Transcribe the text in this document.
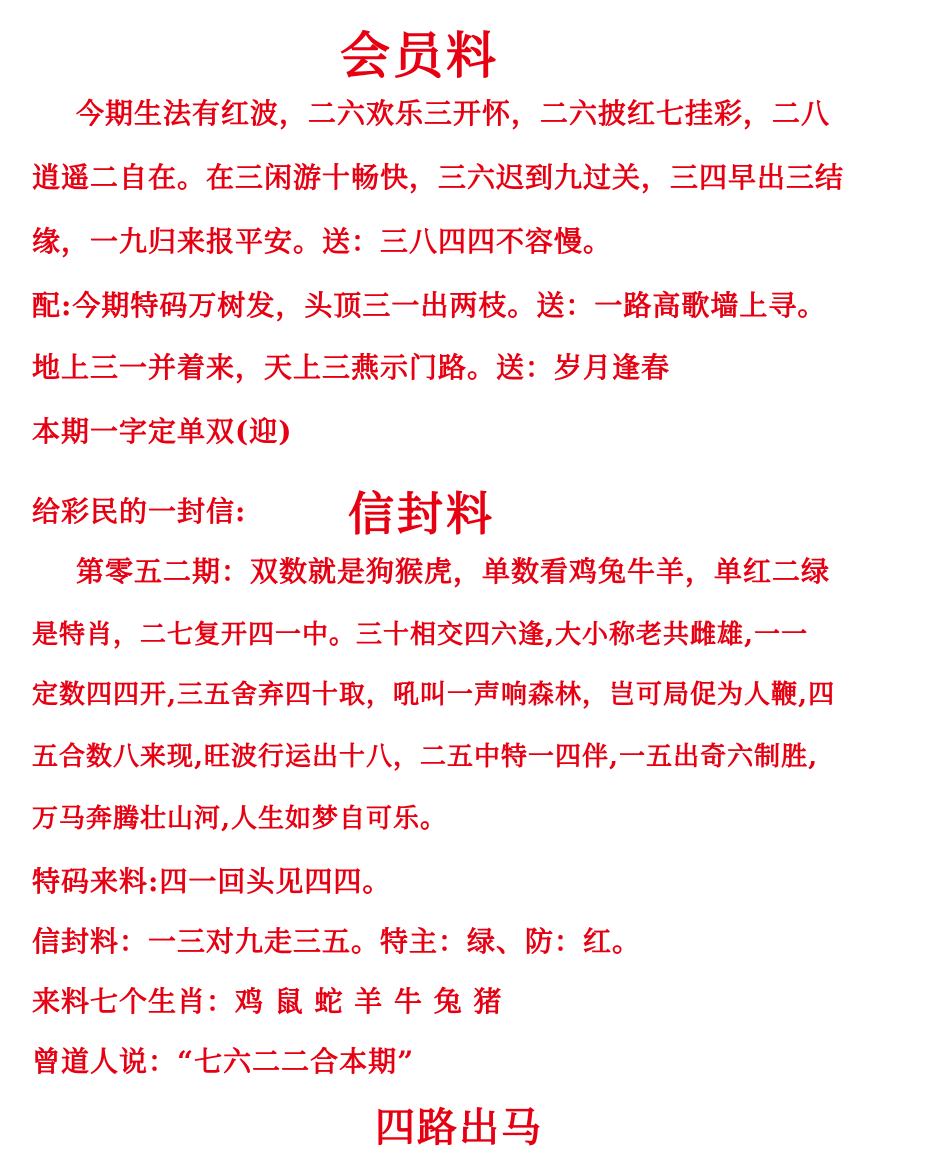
会员料
今期生法有红波，二六欢乐三开怀，二六披红七挂彩，二八
逍遥二自在。在三闲游十畅快，三六迟到九过关，三四早出三结
缘，一九归来报平安。送：三八四四不容慢。
配:今期特码万树发，头顶三一出两枝。送：一路高歌墙上寻。
地上三一并着来，天上三燕示门路。送：岁月逢春
本期一字定单双(迎)
给彩民的一封信: 信封料
第零五二期：双数就是狗猴虎，单数看鸡兔牛羊，单红二绿
是特肖，二七复开四一中。三十相交四六逢,大小称老共雌雄,一一
定数四四开,三五舍弃四十取，吼叫一声响森林，岂可局促为人鞭,四
五合数八来现,旺波行运出十八，二五中特一四伴,一五出奇六制胜,
万马奔腾壮山河,人生如梦自可乐。
特码来料:四一回头见四四。
信封料：一三对九走三五。特主：绿、防：红。
来料七个生肖：鸡 鼠 蛇 羊 牛 兔 猪
曾道人说：“七六二二合本期”
四路出马
